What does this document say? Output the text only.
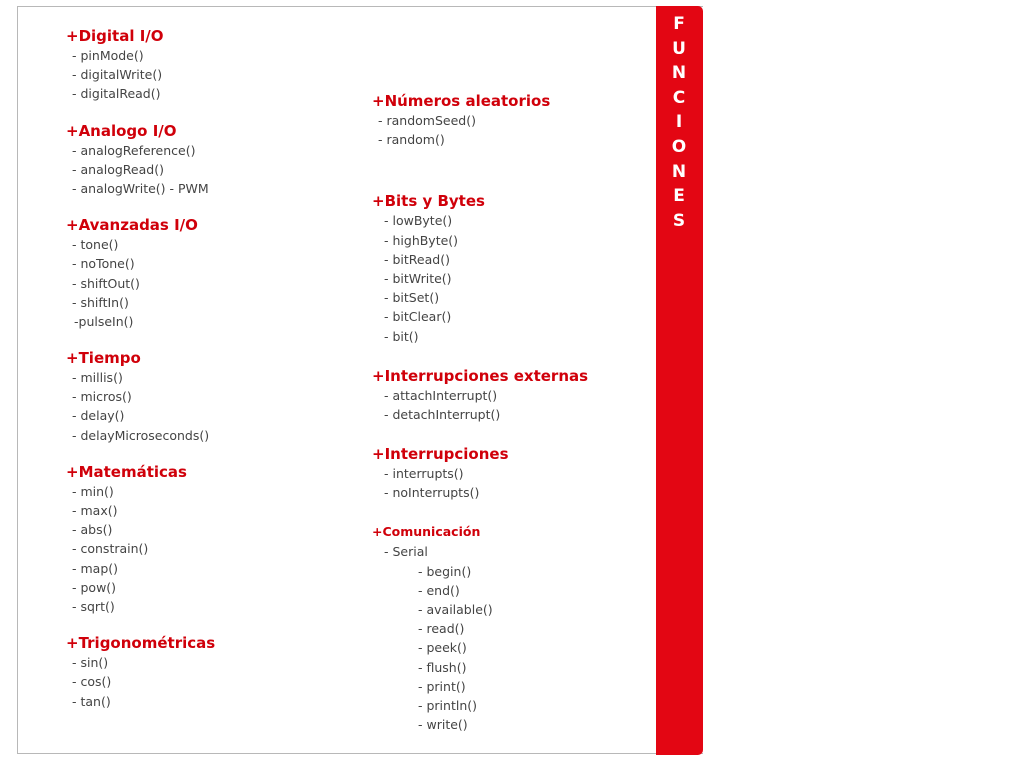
F
U
N
C
I
O
N
E
S
+Digital I/O
- pinMode()
- digitalWrite()
- digitalRead()
+Analogo I/O
- analogReference()
- analogRead()
- analogWrite() - PWM
+Avanzadas I/O
- tone()
- noTone()
- shiftOut()
- shiftIn()
-pulseIn()
+Tiempo
- millis()
- micros()
- delay()
- delayMicroseconds()
+Matemáticas
- min()
- max()
- abs()
- constrain()
- map()
- pow()
- sqrt()
+Trigonométricas
- sin()
- cos()
- tan()
+Números aleatorios
- randomSeed()
- random()
+Bits y Bytes
- lowByte()
- highByte()
- bitRead()
- bitWrite()
- bitSet()
- bitClear()
- bit()
+Interrupciones externas
- attachInterrupt()
- detachInterrupt()
+Interrupciones
- interrupts()
- noInterrupts()
+Comunicación
- Serial
- begin()
- end()
- available()
- read()
- peek()
- flush()
- print()
- println()
- write()
